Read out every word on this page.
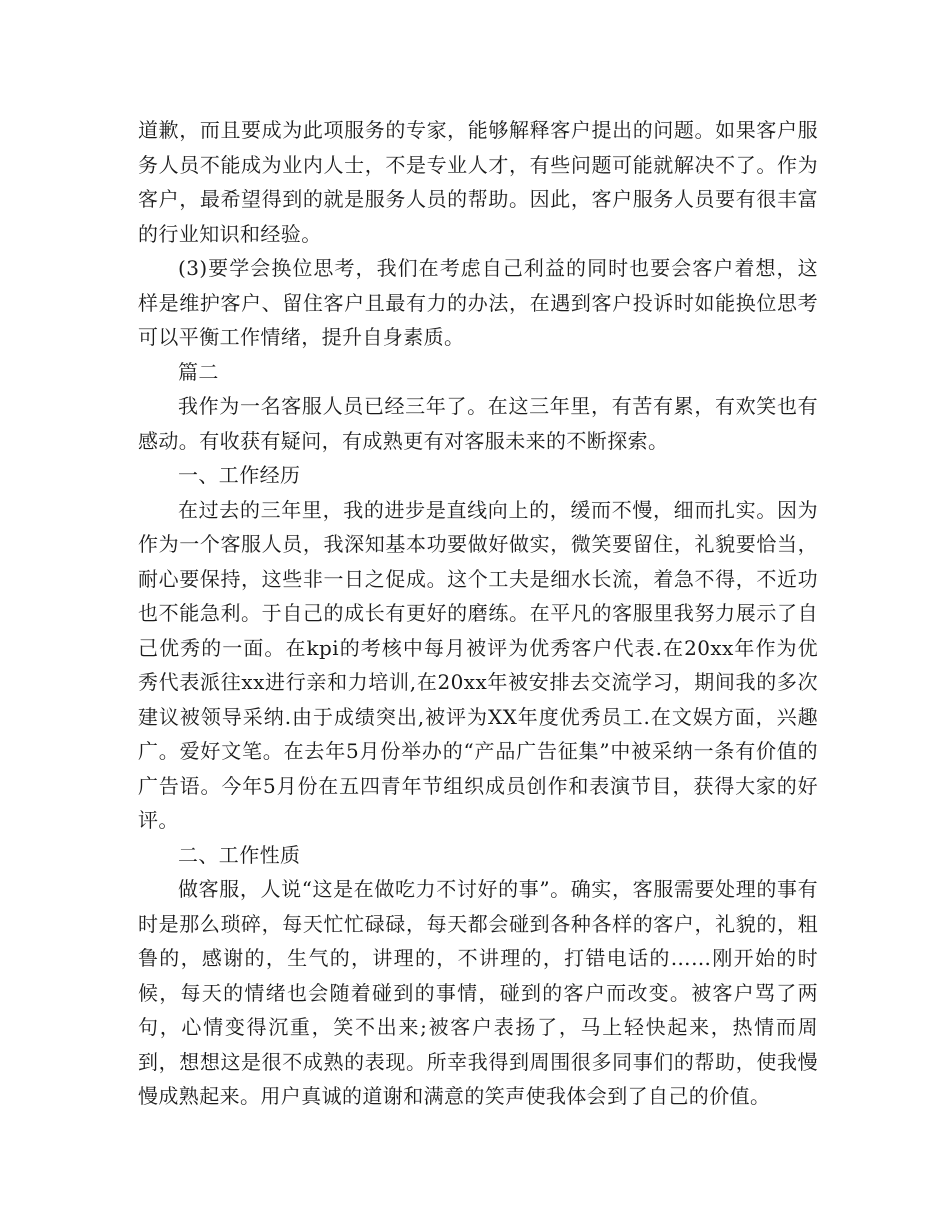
道歉，而且要成为此项服务的专家，能够解释客户提出的问题。如果客户服务人员不能成为业内人士，不是专业人才，有些问题可能就解决不了。作为客户，最希望得到的就是服务人员的帮助。因此，客户服务人员要有很丰富的行业知识和经验。

(3)要学会换位思考，我们在考虑自己利益的同时也要会客户着想，这样是维护客户、留住客户且最有力的办法，在遇到客户投诉时如能换位思考可以平衡工作情绪，提升自身素质。

篇二

我作为一名客服人员已经三年了。在这三年里，有苦有累，有欢笑也有感动。有收获有疑问，有成熟更有对客服未来的不断探索。

一、工作经历

在过去的三年里，我的进步是直线向上的，缓而不慢，细而扎实。因为作为一个客服人员，我深知基本功要做好做实，微笑要留住，礼貌要恰当，耐心要保持，这些非一日之促成。这个工夫是细水长流，着急不得，不近功也不能急利。于自己的成长有更好的磨练。在平凡的客服里我努力展示了自己优秀的一面。在kpi的考核中每月被评为优秀客户代表.在20xx年作为优秀代表派往xx进行亲和力培训,在20xx年被安排去交流学习，期间我的多次建议被领导采纳.由于成绩突出,被评为XX年度优秀员工.在文娱方面，兴趣广。爱好文笔。在去年5月份举办的“产品广告征集”中被采纳一条有价值的广告语。今年5月份在五四青年节组织成员创作和表演节目，获得大家的好评。

二、工作性质

做客服，人说“这是在做吃力不讨好的事”。确实，客服需要处理的事有时是那么琐碎，每天忙忙碌碌，每天都会碰到各种各样的客户，礼貌的，粗鲁的，感谢的，生气的，讲理的，不讲理的，打错电话的……刚开始的时候，每天的情绪也会随着碰到的事情，碰到的客户而改变。被客户骂了两句，心情变得沉重，笑不出来;被客户表扬了，马上轻快起来，热情而周到，想想这是很不成熟的表现。所幸我得到周围很多同事们的帮助，使我慢慢成熟起来。用户真诚的道谢和满意的笑声使我体会到了自己的价值。
